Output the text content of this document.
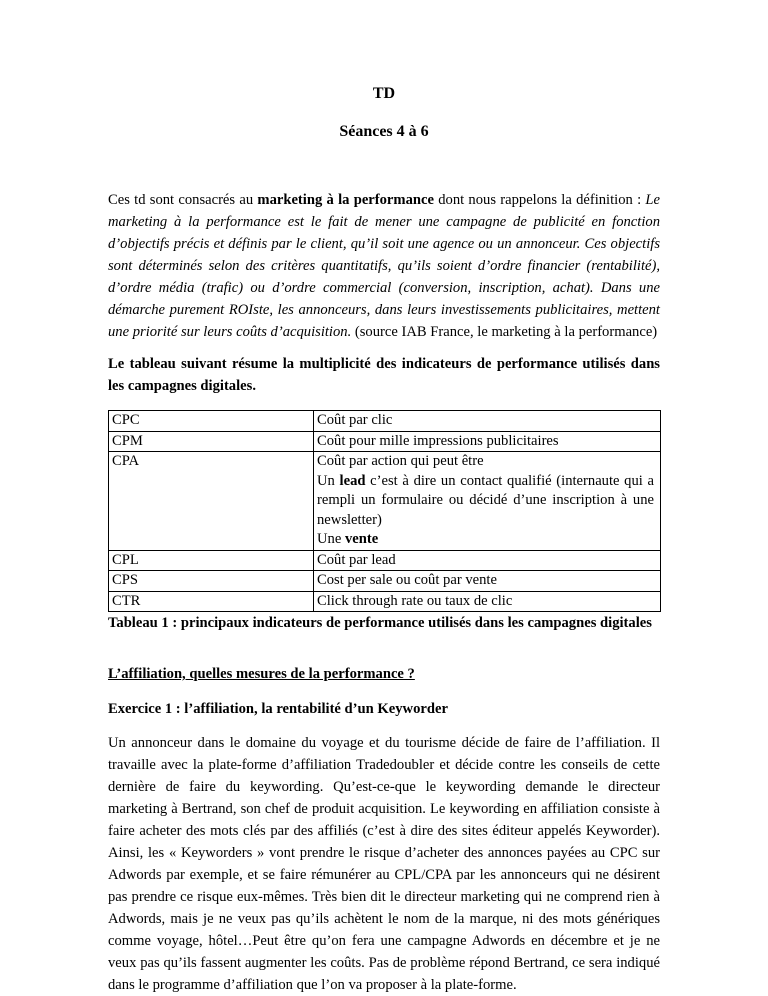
TD
Séances 4 à 6

Ces td sont consacrés au marketing à la performance dont nous rappelons la définition : Le marketing à la performance est le fait de mener une campagne de publicité en fonction d’objectifs précis et définis par le client, qu’il soit une agence ou un annonceur. Ces objectifs sont déterminés selon des critères quantitatifs, qu’ils soient d’ordre financier (rentabilité), d’ordre média (trafic) ou d’ordre commercial (conversion, inscription, achat). Dans une démarche purement ROIste, les annonceurs, dans leurs investissements publicitaires, mettent une priorité sur leurs coûts d’acquisition. (source IAB France, le marketing à la performance)

Le tableau suivant résume la multiplicité des indicateurs de performance utilisés dans les campagnes digitales.

CPC	Coût par clic
CPM	Coût pour mille impressions publicitaires
CPA	Coût par action qui peut être
Un lead c’est à dire un contact qualifié (internaute qui a rempli un formulaire ou décidé d’une inscription à une newsletter)
Une vente

CPL	Coût par lead
CPS	Cost per sale ou coût par vente
CTR	Click through rate ou taux de clic

Tableau 1 : principaux indicateurs de performance utilisés dans les campagnes digitales

L’affiliation, quelles mesures de la performance ?

Exercice 1 : l’affiliation, la rentabilité d’un Keyworder

Un annonceur dans le domaine du voyage et du tourisme décide de faire de l’affiliation. Il travaille avec la plate-forme d’affiliation Tradedoubler et décide contre les conseils de cette dernière de faire du keywording. Qu’est-ce-que le keywording demande le directeur marketing à Bertrand, son chef de produit acquisition. Le keywording en affiliation consiste à faire acheter des mots clés par des affiliés (c’est à dire des sites éditeur appelés Keyworder). Ainsi, les « Keyworders » vont prendre le risque d’acheter des annonces payées au CPC sur Adwords par exemple, et se faire rémunérer au CPL/CPA par les annonceurs qui ne désirent pas prendre ce risque eux-mêmes. Très bien dit le directeur marketing qui ne comprend rien à Adwords, mais je ne veux pas qu’ils achètent le nom de la marque, ni des mots génériques comme voyage, hôtel…Peut être qu’on fera une campagne Adwords en décembre et je ne veux pas qu’ils fassent augmenter les coûts. Pas de problème répond Bertrand, ce sera indiqué dans le programme d’affiliation que l’on va proposer à la plate-forme.
